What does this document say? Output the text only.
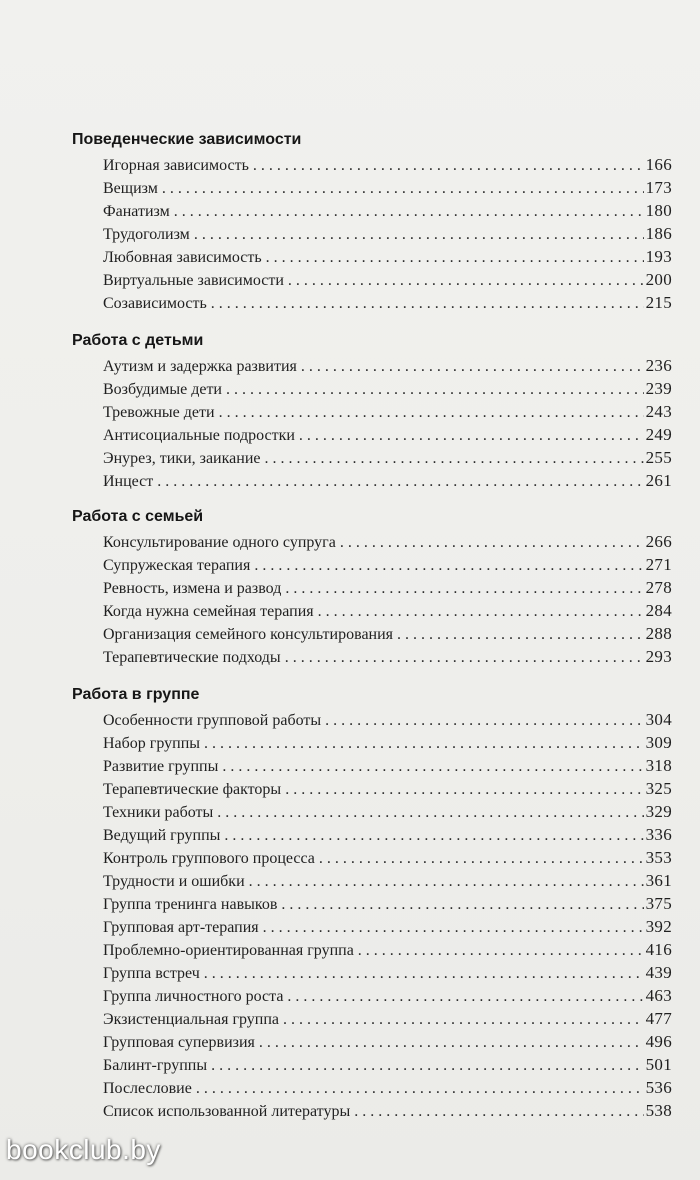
Поведенческие зависимости
Игорная зависимость . . .	166
Вещизм . . .	173
Фанатизм . . .	180
Трудоголизм . . .	186
Любовная зависимость . . .	193
Виртуальные зависимости . . .	200
Созависимость . . .	215
Работа с детьми
Аутизм и задержка развития . . .	236
Возбудимые дети . . .	239
Тревожные дети . . .	243
Антисоциальные подростки . . .	249
Энурез, тики, заикание . . .	255
Инцест . . .	261
Работа с семьей
Консультирование одного супруга . . .	266
Супружеская терапия . . .	271
Ревность, измена и развод . . .	278
Когда нужна семейная терапия . . .	284
Организация семейного консультирования . . .	288
Терапевтические подходы . . .	293
Работа в группе
Особенности групповой работы . . .	304
Набор группы . . .	309
Развитие группы . . .	318
Терапевтические факторы . . .	325
Техники работы . . .	329
Ведущий группы . . .	336
Контроль группового процесса . . .	353
Трудности и ошибки . . .	361
Группа тренинга навыков . . .	375
Групповая арт-терапия . . .	392
Проблемно-ориентированная группа . . .	416
Группа встреч . . .	439
Группа личностного роста . . .	463
Экзистенциальная группа . . .	477
Групповая супервизия . . .	496
Балинт-группы . . .	501
Послесловие . . .	536
Список использованной литературы . . .	538
bookclub.by
